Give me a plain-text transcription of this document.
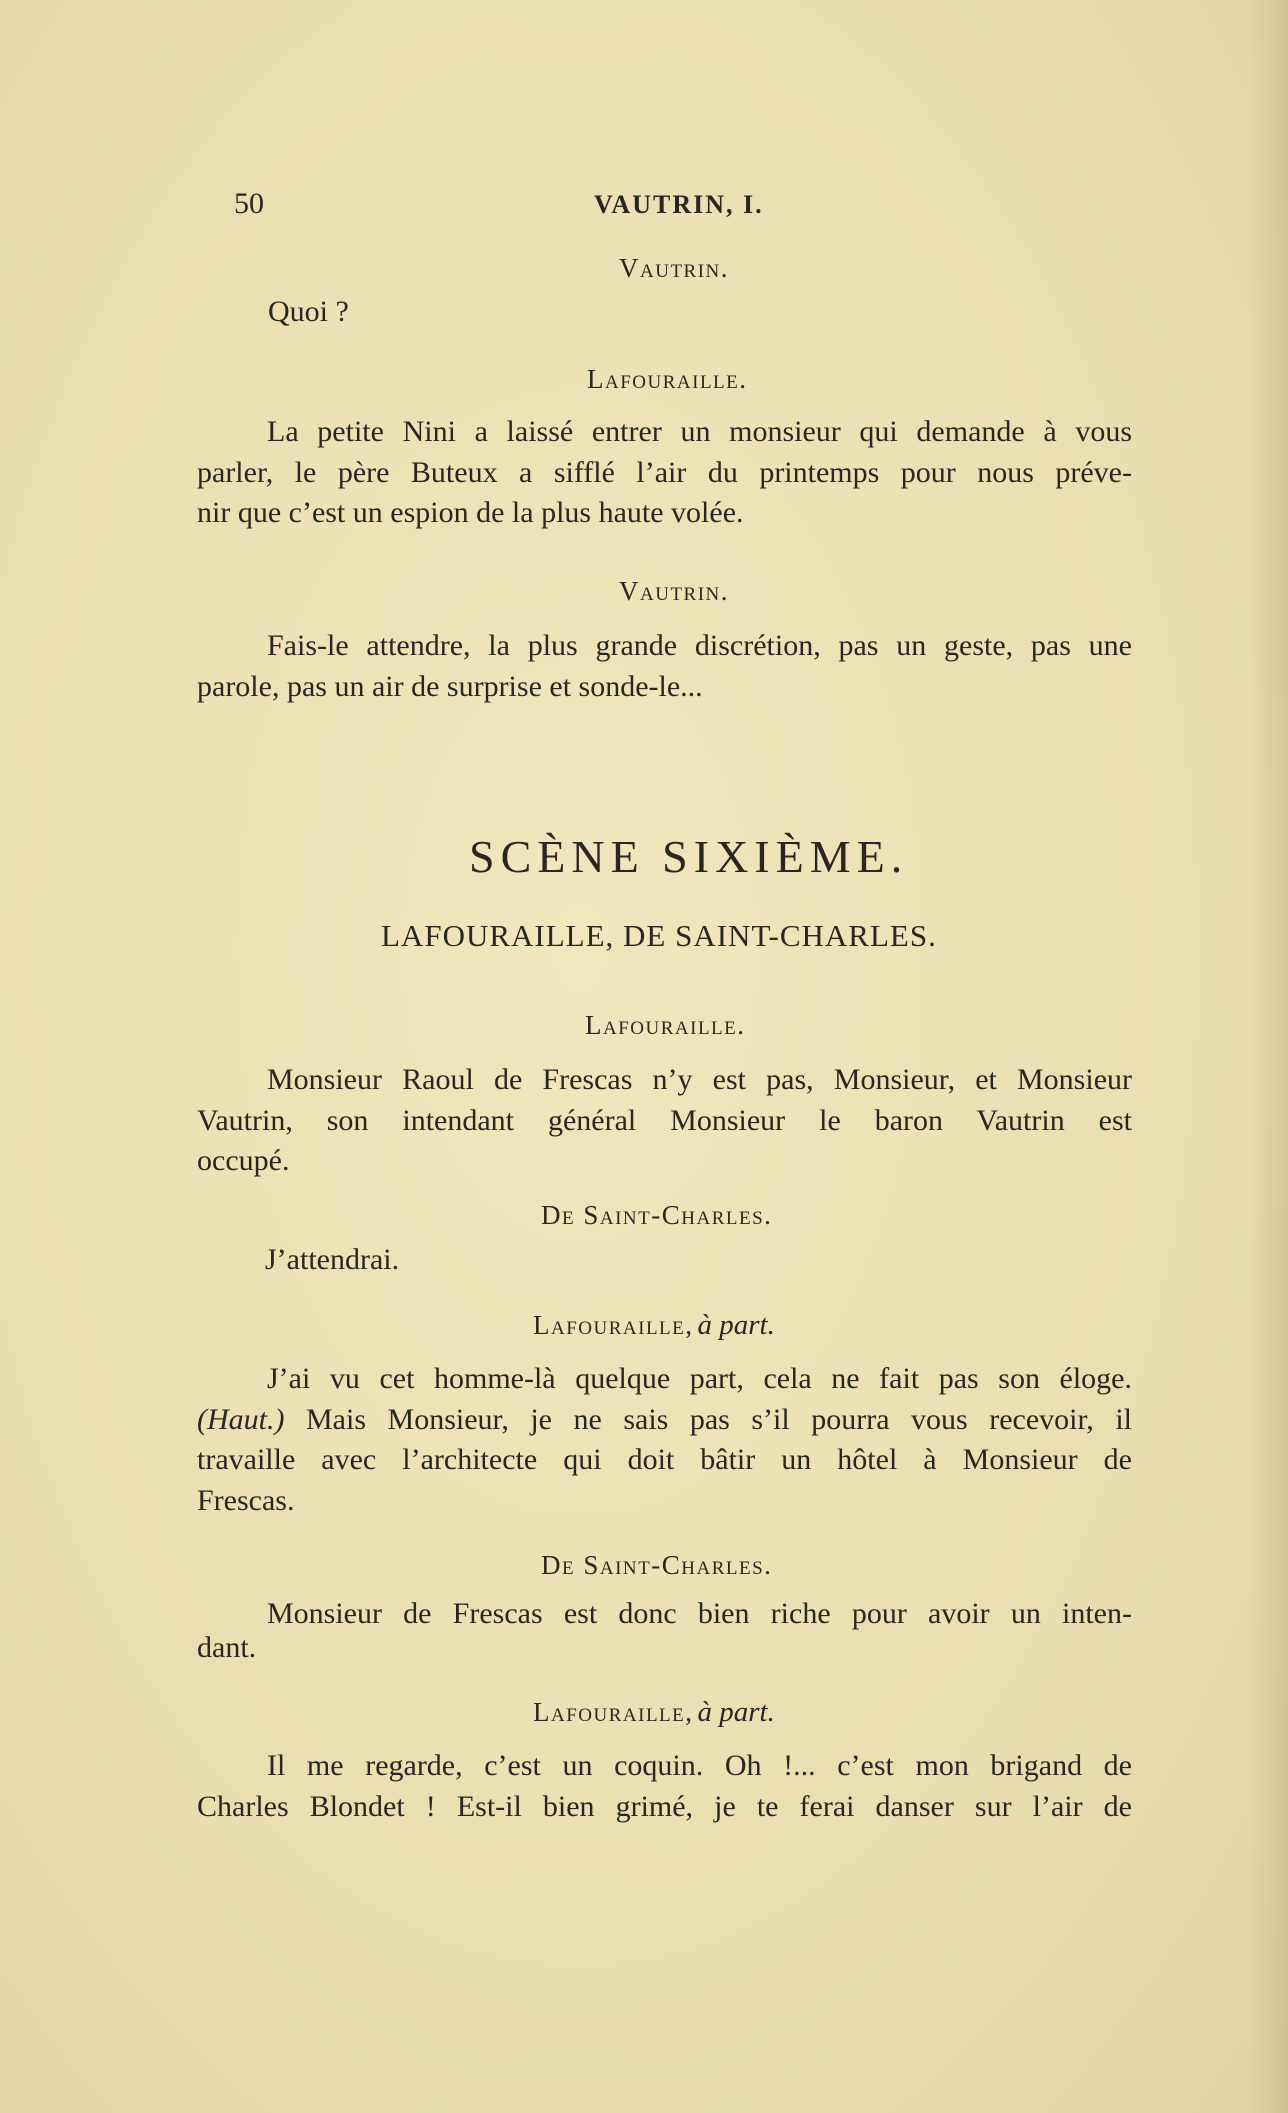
50	VAUTRIN, I.
Vautrin.
Quoi ?
Lafouraille.
La petite Nini a laissé entrer un monsieur qui demande à vous
parler, le père Buteux a sifflé l’air du printemps pour nous préve-
nir que c’est un espion de la plus haute volée.
Vautrin.
Fais-le attendre, la plus grande discrétion, pas un geste, pas une
parole, pas un air de surprise et sonde-le...
SCÈNE SIXIÈME.
LAFOURAILLE, DE SAINT-CHARLES.
Lafouraille.
Monsieur Raoul de Frescas n’y est pas, Monsieur, et Monsieur
Vautrin, son intendant général Monsieur le baron Vautrin est
occupé.
De Saint-Charles.
J’attendrai.
Lafouraille, à part.
J’ai vu cet homme-là quelque part, cela ne fait pas son éloge.
(Haut.) Mais Monsieur, je ne sais pas s’il pourra vous recevoir, il
travaille avec l’architecte qui doit bâtir un hôtel à Monsieur de
Frescas.
De Saint-Charles.
Monsieur de Frescas est donc bien riche pour avoir un inten-
dant.
Lafouraille, à part.
Il me regarde, c’est un coquin. Oh !... c’est mon brigand de
Charles Blondet ! Est-il bien grimé, je te ferai danser sur l’air de
